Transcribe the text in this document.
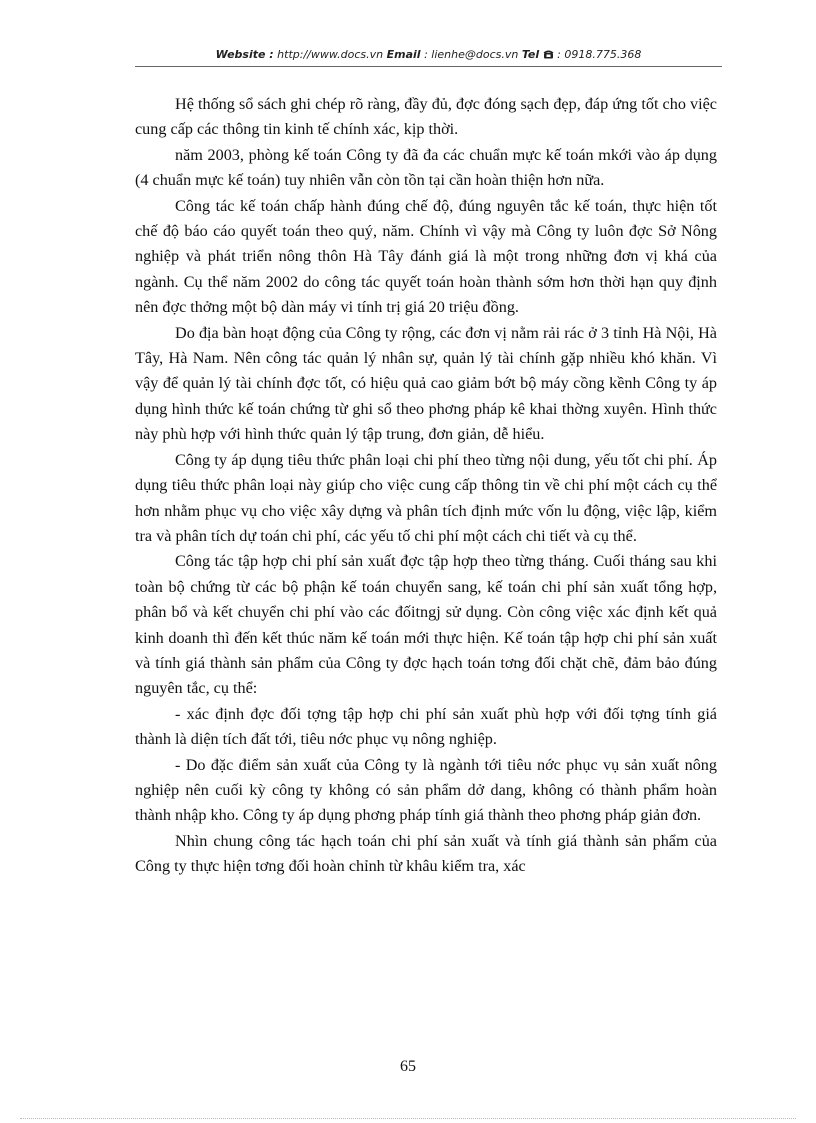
Website : http://www.docs.vn Email : lienhe@docs.vn Tel : 0918.775.368

Hệ thống sổ sách ghi chép rõ ràng, đầy đủ, đợc đóng sạch đẹp, đáp ứng tốt cho việc cung cấp các thông tin kinh tế chính xác, kịp thời.

năm 2003, phòng kế toán Công ty đã đa các chuẩn mực kế toán mkới vào áp dụng (4 chuẩn mực kế toán) tuy nhiên vẫn còn tồn tại cần hoàn thiện hơn nữa.

Công tác kế toán chấp hành đúng chế độ, đúng nguyên tắc kế toán, thực hiện tốt chế độ báo cáo quyết toán theo quý, năm. Chính vì vậy mà Công ty luôn đợc Sở Nông nghiệp và phát triển nông thôn Hà Tây đánh giá là một trong những đơn vị khá của ngành. Cụ thể năm 2002 do công tác quyết toán hoàn thành sớm hơn thời hạn quy định nên đợc thởng một bộ dàn máy vi tính trị giá 20 triệu đồng.

Do địa bàn hoạt động của Công ty rộng, các đơn vị nằm rải rác ở 3 tỉnh Hà Nội, Hà Tây, Hà Nam. Nên công tác quản lý nhân sự, quản lý tài chính gặp nhiều khó khăn. Vì vậy để quản lý tài chính đợc tốt, có hiệu quả cao giảm bớt bộ máy cồng kềnh Công ty áp dụng hình thức kế toán chứng từ ghi sổ theo phơng pháp kê khai thờng xuyên. Hình thức này phù hợp với hình thức quản lý tập trung, đơn giản, dễ hiểu.

Công ty áp dụng tiêu thức phân loại chi phí theo từng nội dung, yếu tốt chi phí. Áp dụng tiêu thức phân loại này giúp cho việc cung cấp thông tin về chi phí một cách cụ thể hơn nhằm phục vụ cho việc xây dựng và phân tích định mức vốn lu động, việc lập, kiểm tra và phân tích dự toán chi phí, các yếu tố chi phí một cách chi tiết và cụ thể.

Công tác tập hợp chi phí sản xuất đợc tập hợp theo từng tháng. Cuối tháng sau khi toàn bộ chứng từ các bộ phận kế toán chuyển sang, kế toán chi phí sản xuất tổng hợp, phân bổ và kết chuyển chi phí vào các đốitngj sử dụng. Còn công việc xác định kết quả kinh doanh thì đến kết thúc năm kế toán mới thực hiện. Kế toán tập hợp chi phí sản xuất và tính giá thành sản phẩm của Công ty đợc hạch toán tơng đối chặt chẽ, đảm bảo đúng nguyên tắc, cụ thể:

- xác định đợc đối tợng tập hợp chi phí sản xuất phù hợp với đối tợng tính giá thành là diện tích đất tới, tiêu nớc phục vụ nông nghiệp.

- Do đặc điểm sản xuất của Công ty là ngành tới tiêu nớc phục vụ sản xuất nông nghiệp nên cuối kỳ công ty không có sản phẩm dở dang, không có thành phẩm hoàn thành nhập kho. Công ty áp dụng phơng pháp tính giá thành theo phơng pháp giản đơn.

Nhìn chung công tác hạch toán chi phí sản xuất và tính giá thành sản phẩm của Công ty thực hiện tơng đối hoàn chỉnh từ khâu kiểm tra, xác

65
